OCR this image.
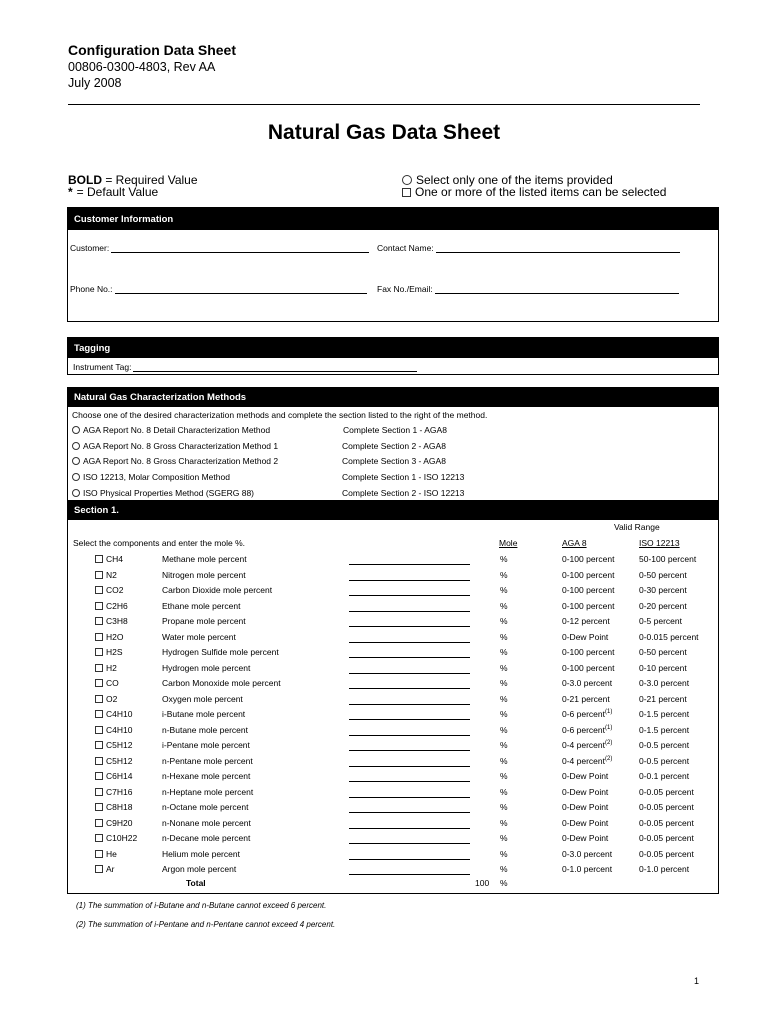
Configuration Data Sheet
00806-0300-4803, Rev AA
July 2008
Natural Gas Data Sheet
BOLD
= Required Value
* = Default Value
Select only one of the items provided
One or more of the listed items can be selected
Customer Information
Customer:	Contact Name:
Phone No.:	Fax No./Email:
Tagging
Instrument Tag:
Natural Gas Characterization Methods
Choose one of the desired characterization methods and complete the section listed to the right of the method.
AGA Report No. 8 Detail Characterization Method	Complete Section 1 - AGA8
AGA Report No. 8 Gross Characterization Method 1	Complete Section 2 - AGA8
AGA Report No. 8 Gross Characterization Method 2	Complete Section 3 - AGA8
ISO 12213, Molar Composition Method	Complete Section 1 - ISO 12213
ISO Physical Properties Method (SGERG 88)	Complete Section 2 - ISO 12213
Section 1.
Valid Range
Select the components and enter the mole %.	Mole	AGA 8	ISO 12213
CH4	Methane mole percent	%	0-100 percent	50-100 percent
N2	Nitrogen mole percent	%	0-100 percent	0-50 percent
CO2	Carbon Dioxide mole percent	%	0-100 percent	0-30 percent
C2H6	Ethane mole percent	%	0-100 percent	0-20 percent
C3H8	Propane mole percent	%	0-12 percent	0-5 percent
H2O	Water mole percent	%	0-Dew Point	0-0.015 percent
H2S	Hydrogen Sulfide mole percent	%	0-100 percent	0-50 percent
H2	Hydrogen mole percent	%	0-100 percent	0-10 percent
CO	Carbon Monoxide mole percent	%	0-3.0 percent	0-3.0 percent
O2	Oxygen mole percent	%	0-21 percent	0-21 percent
C4H10	i-Butane mole percent	%	0-6 percent$^{(1)}$	0-1.5 percent
C4H10	n-Butane mole percent	%	0-6 percent$^{(1)}$	0-1.5 percent
C5H12	i-Pentane mole percent	%	0-4 percent$^{(2)}$	0-0.5 percent
C5H12	n-Pentane mole percent	%	0-4 percent$^{(2)}$	0-0.5 percent
C6H14	n-Hexane mole percent	%	0-Dew Point	0-0.1 percent
C7H16	n-Heptane mole percent	%	0-Dew Point	0-0.05 percent
C8H18	n-Octane mole percent	%	0-Dew Point	0-0.05 percent
C9H20	n-Nonane mole percent	%	0-Dew Point	0-0.05 percent
C10H22	n-Decane mole percent	%	0-Dew Point	0-0.05 percent
He	Helium mole percent	%	0-3.0 percent	0-0.05 percent
Ar	Argon mole percent	%	0-1.0 percent	0-1.0 percent
Total	100 %
(1) The summation of i-Butane and n-Butane cannot exceed 6 percent.
(2) The summation of i-Pentane and n-Pentane cannot exceed 4 percent.
1
